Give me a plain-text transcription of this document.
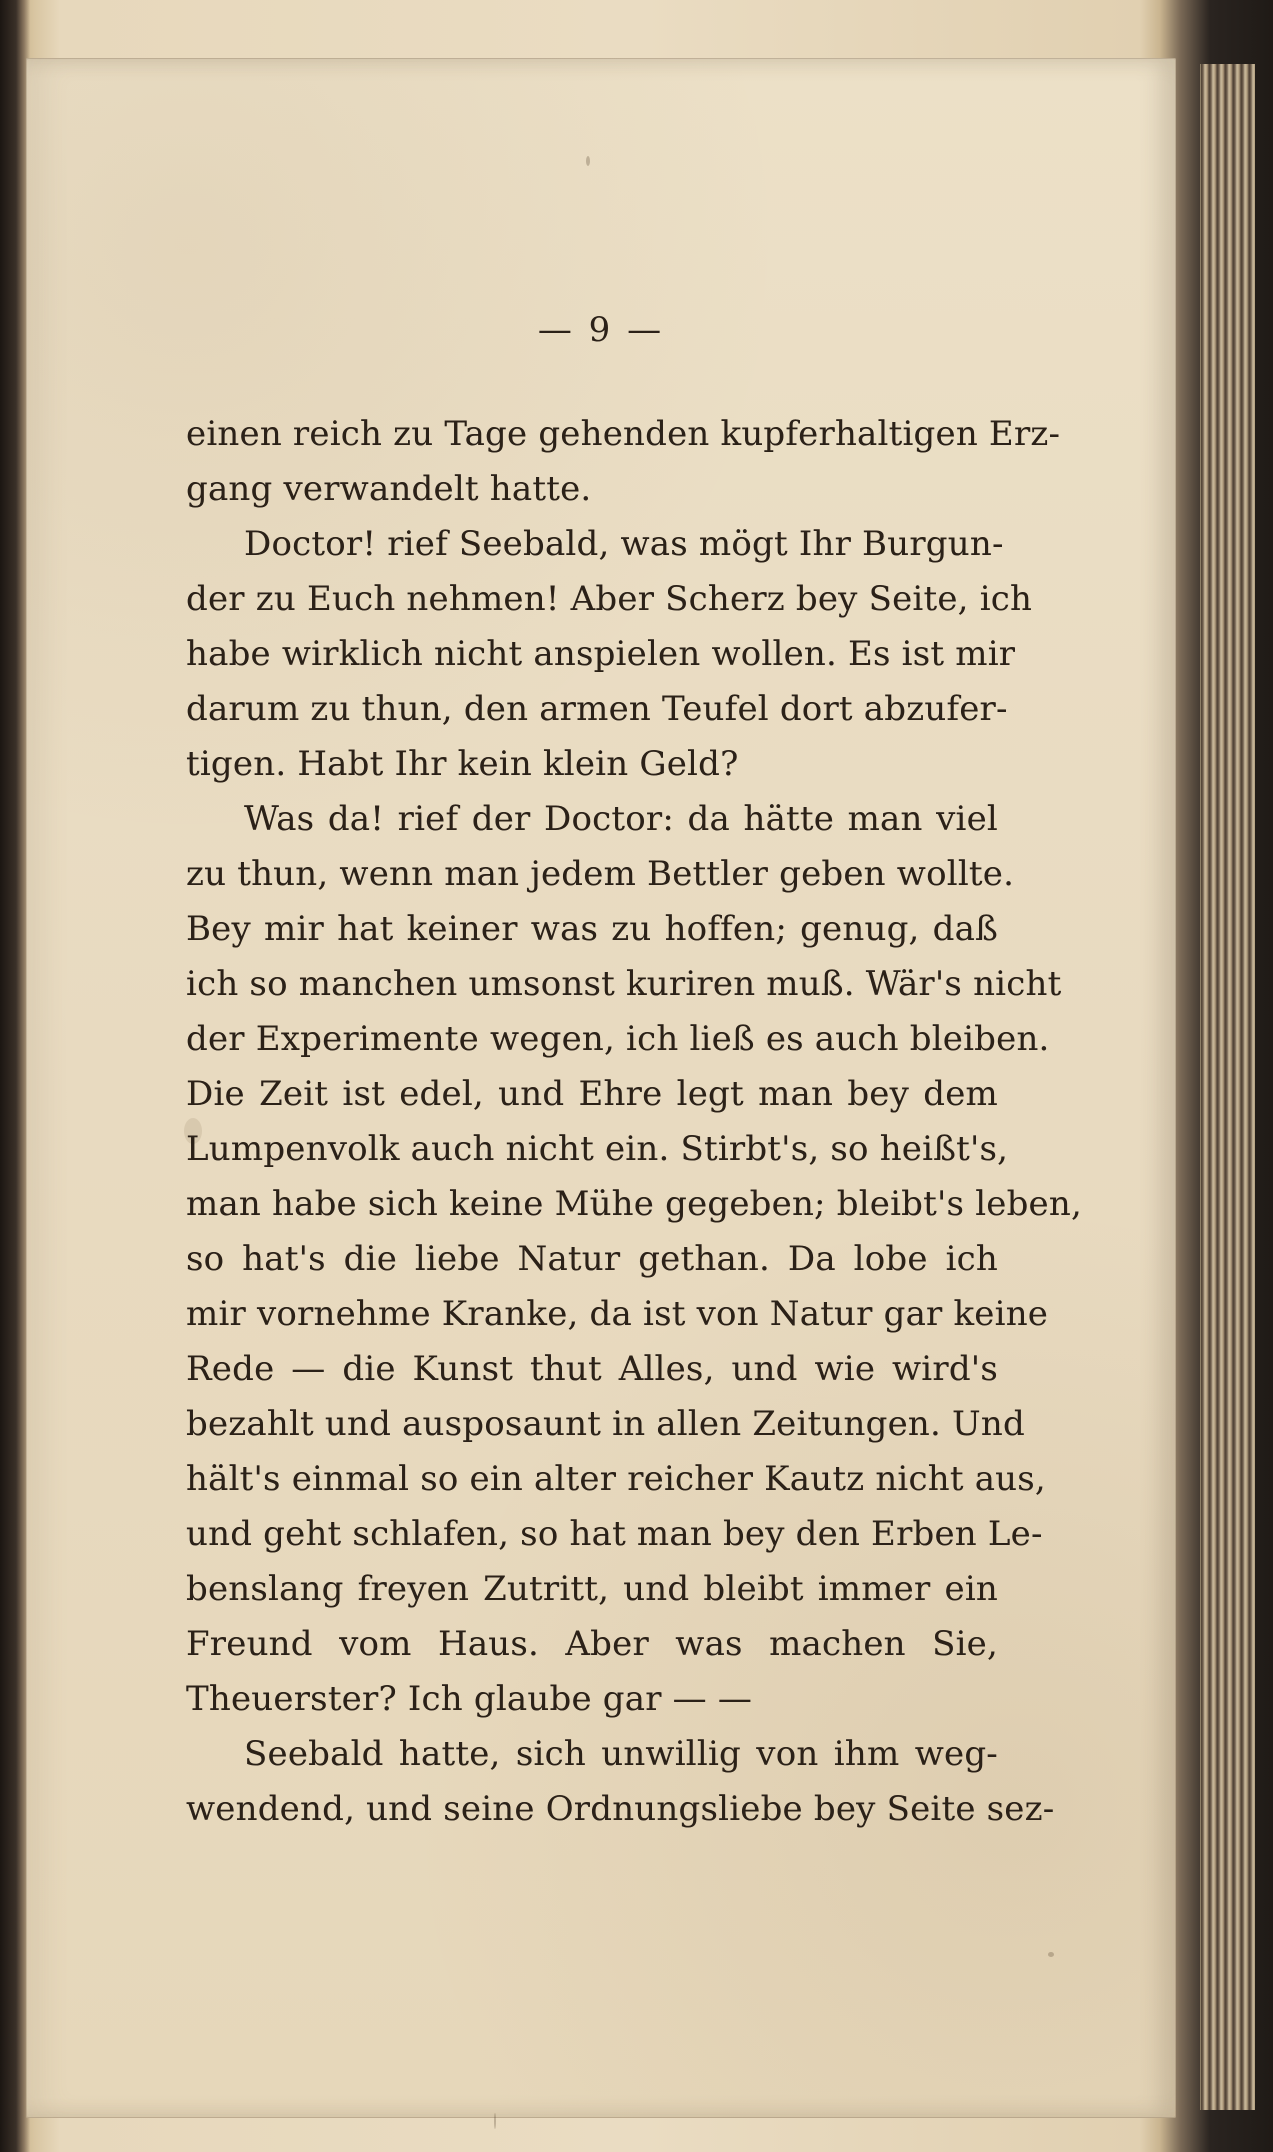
— 9 —
einen reich zu Tage gehenden kupferhaltigen Erz-
gang verwandelt hatte.
Doctor! rief Seebald, was mögt Ihr Burgun-
der zu Euch nehmen! Aber Scherz bey Seite, ich
habe wirklich nicht anspielen wollen. Es ist mir
darum zu thun, den armen Teufel dort abzufer-
tigen. Habt Ihr kein klein Geld?
Was da! rief der Doctor: da hätte man viel
zu thun, wenn man jedem Bettler geben wollte.
Bey mir hat keiner was zu hoffen; genug, daß
ich so manchen umsonst kuriren muß. Wär's nicht
der Experimente wegen, ich ließ es auch bleiben.
Die Zeit ist edel, und Ehre legt man bey dem
Lumpenvolk auch nicht ein. Stirbt's, so heißt's,
man habe sich keine Mühe gegeben; bleibt's leben,
so hat's die liebe Natur gethan. Da lobe ich
mir vornehme Kranke, da ist von Natur gar keine
Rede — die Kunst thut Alles, und wie wird's
bezahlt und ausposaunt in allen Zeitungen. Und
hält's einmal so ein alter reicher Kautz nicht aus,
und geht schlafen, so hat man bey den Erben Le-
benslang freyen Zutritt, und bleibt immer ein
Freund vom Haus. Aber was machen Sie,
Theuerster? Ich glaube gar — —
Seebald hatte, sich unwillig von ihm weg-
wendend, und seine Ordnungsliebe bey Seite sez-
